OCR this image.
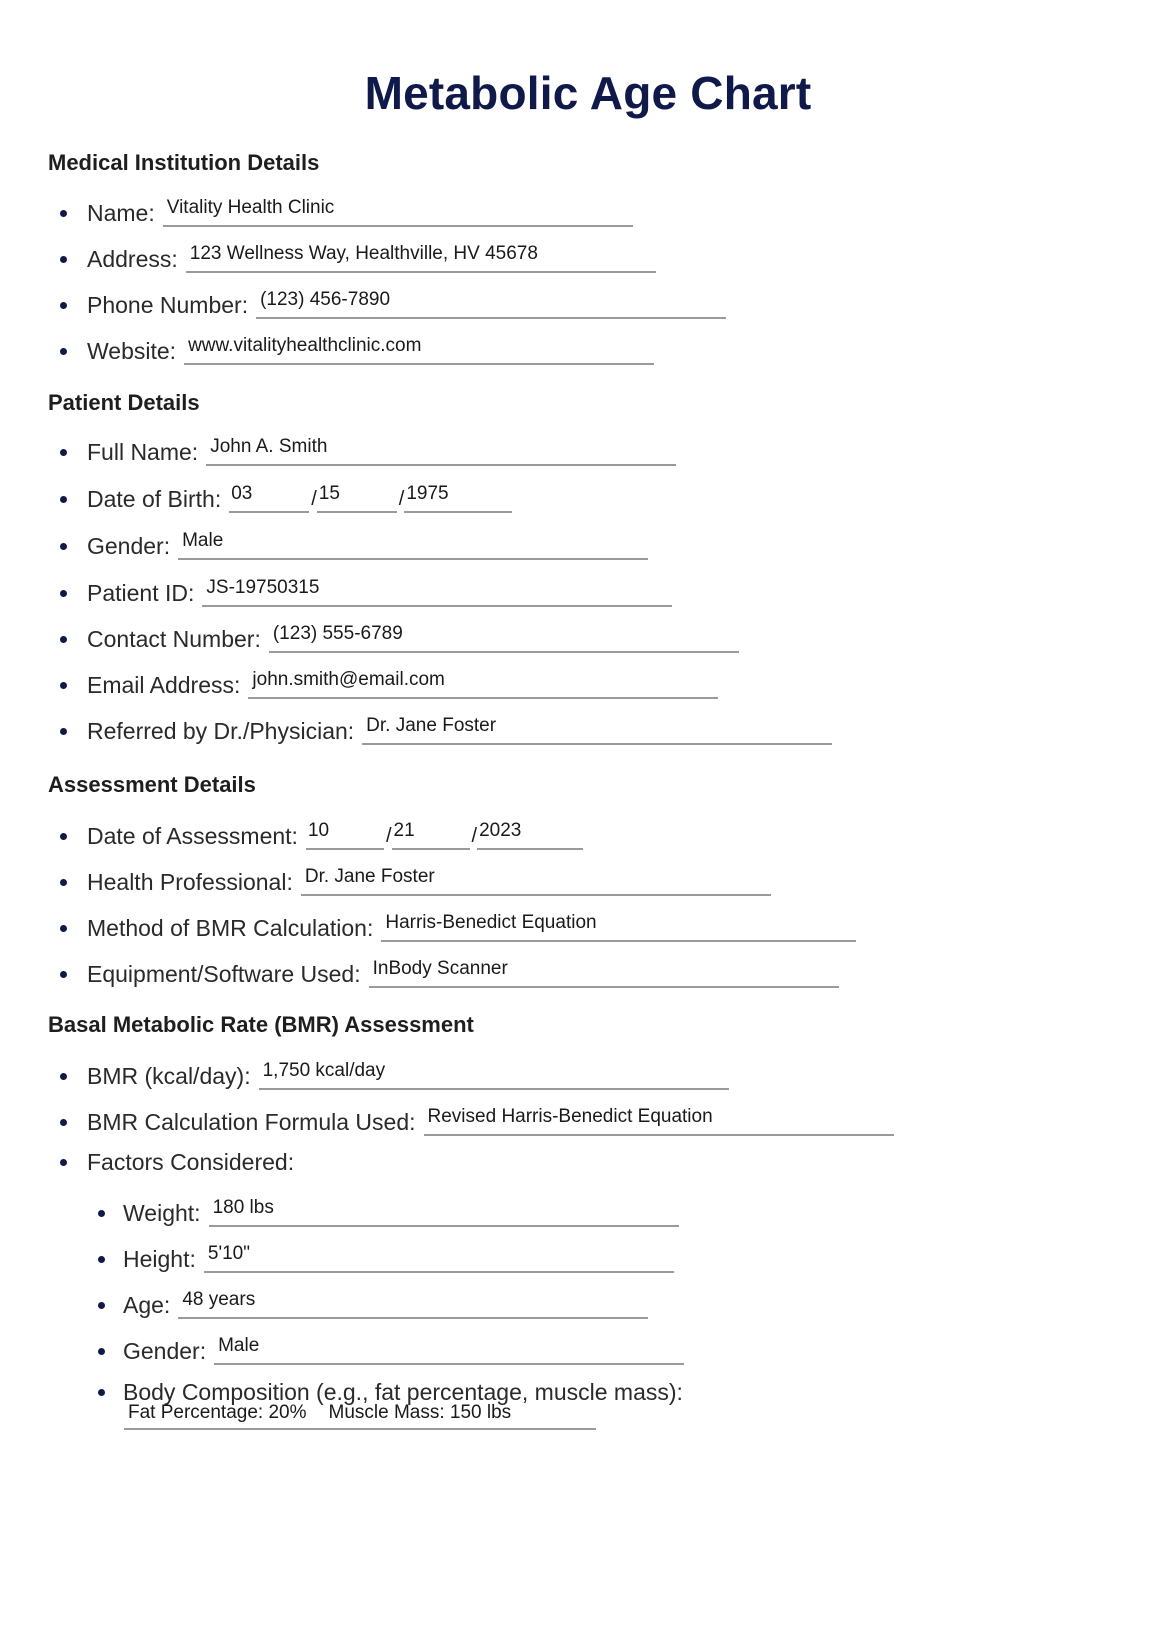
Metabolic Age Chart
Medical Institution Details
Name: Vitality Health Clinic
Address: 123 Wellness Way, Healthville, HV 45678
Phone Number: (123) 456-7890
Website: www.vitalityhealthclinic.com
Patient Details
Full Name: John A. Smith
Date of Birth: 03	/ 15	/ 1975
Gender: Male
Patient ID: JS-19750315
Contact Number: (123) 555-6789
Email Address: john.smith@email.com
Referred by Dr./Physician: Dr. Jane Foster
Assessment Details
Date of Assessment: 10	/ 21	/ 2023
Health Professional: Dr. Jane Foster
Method of BMR Calculation: Harris-Benedict Equation
Equipment/Software Used: InBody Scanner
Basal Metabolic Rate (BMR) Assessment
BMR (kcal/day): 1,750 kcal/day
BMR Calculation Formula Used: Revised Harris-Benedict Equation
Factors Considered:
Weight: 180 lbs
Height: 5'10"
Age: 48 years
Gender: Male
Body Composition (e.g., fat percentage, muscle mass):
Fat Percentage: 20% Muscle Mass: 150 lbs
